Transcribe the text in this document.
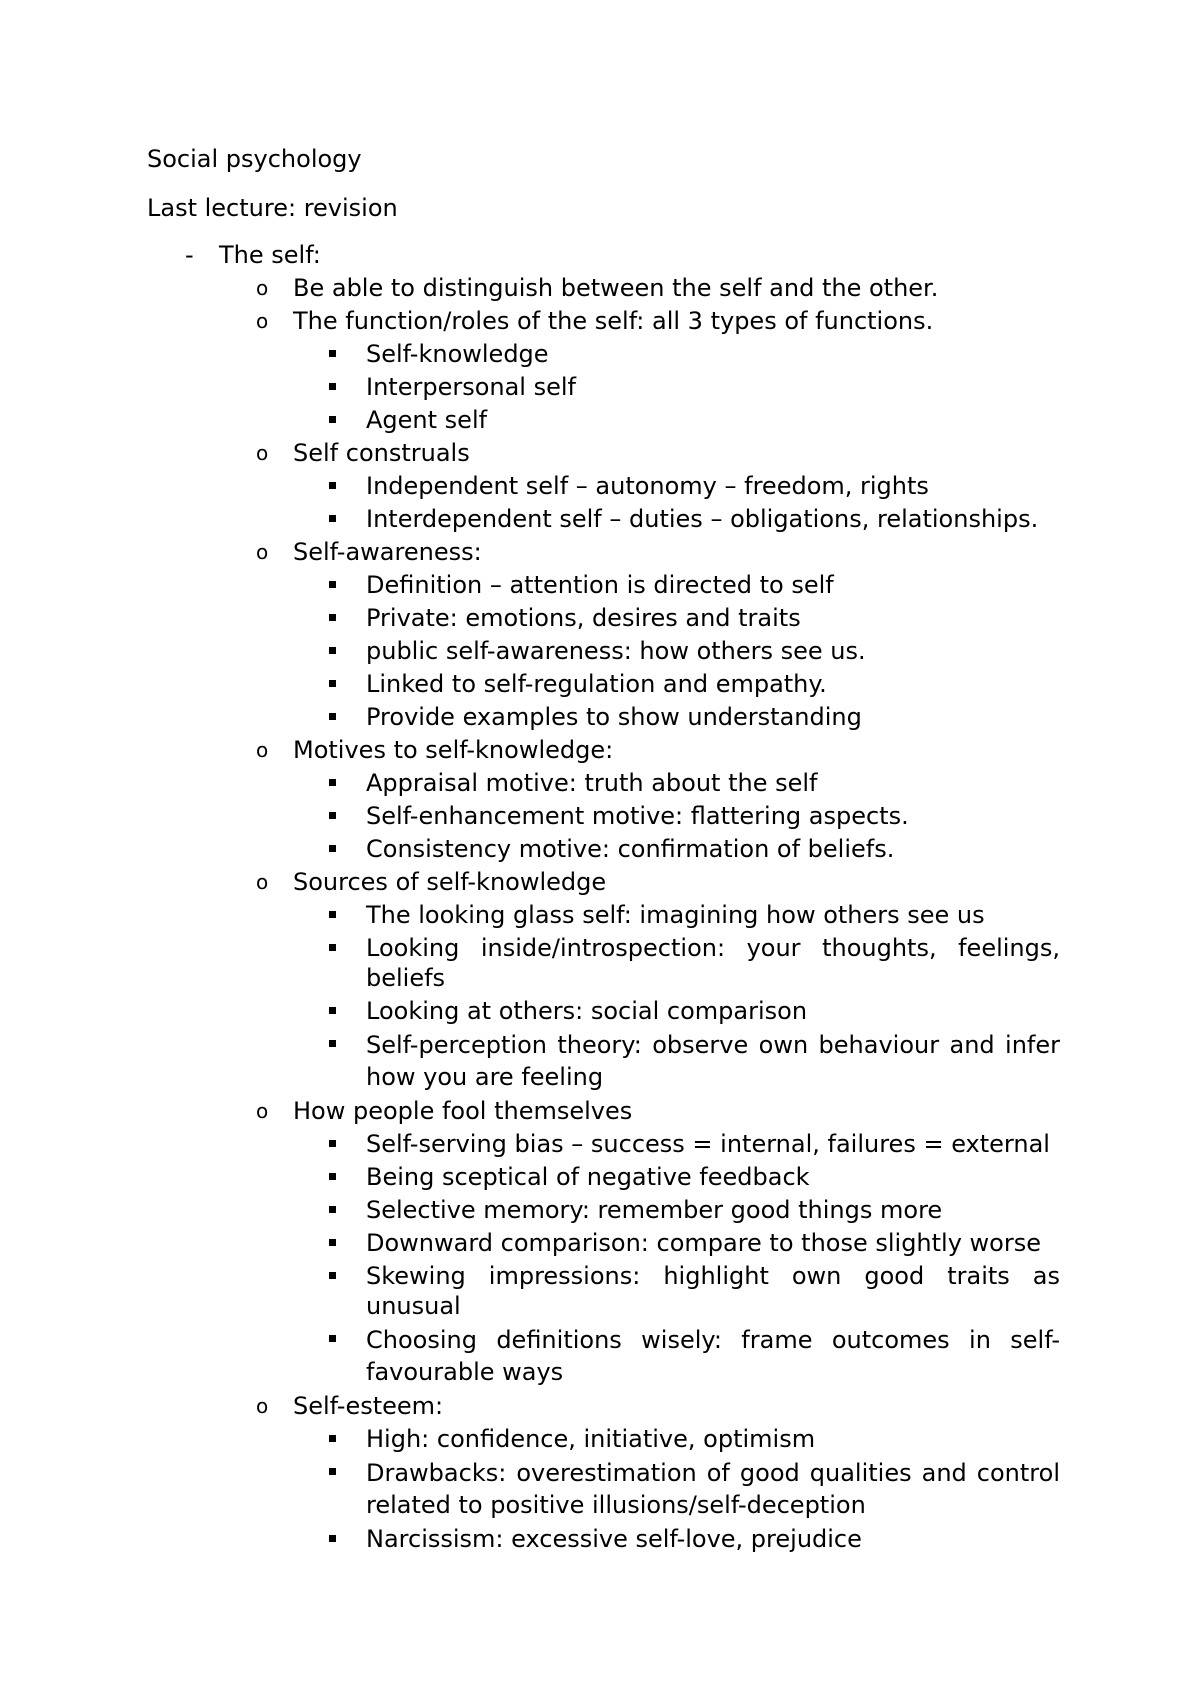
Social psychology
Last lecture: revision
- The self:
o Be able to distinguish between the self and the other.
o The function/roles of the self: all 3 types of functions.
Self-knowledge
Interpersonal self
Agent self
o Self construals
Independent self – autonomy – freedom, rights
Interdependent self – duties – obligations, relationships.
o Self-awareness:
Definition – attention is directed to self
Private: emotions, desires and traits
public self-awareness: how others see us.
Linked to self-regulation and empathy.
Provide examples to show understanding
o Motives to self-knowledge:
Appraisal motive: truth about the self
Self-enhancement motive: flattering aspects.
Consistency motive: confirmation of beliefs.
o Sources of self-knowledge
The looking glass self: imagining how others see us
Looking inside/introspection: your thoughts, feelings, beliefs
Looking at others: social comparison
Self-perception theory: observe own behaviour and infer how you are feeling
o How people fool themselves
Self-serving bias – success = internal, failures = external
Being sceptical of negative feedback
Selective memory: remember good things more
Downward comparison: compare to those slightly worse
Skewing impressions: highlight own good traits as unusual
Choosing definitions wisely: frame outcomes in self-favourable ways
o Self-esteem:
High: confidence, initiative, optimism
Drawbacks: overestimation of good qualities and control related to positive illusions/self-deception
Narcissism: excessive self-love, prejudice
